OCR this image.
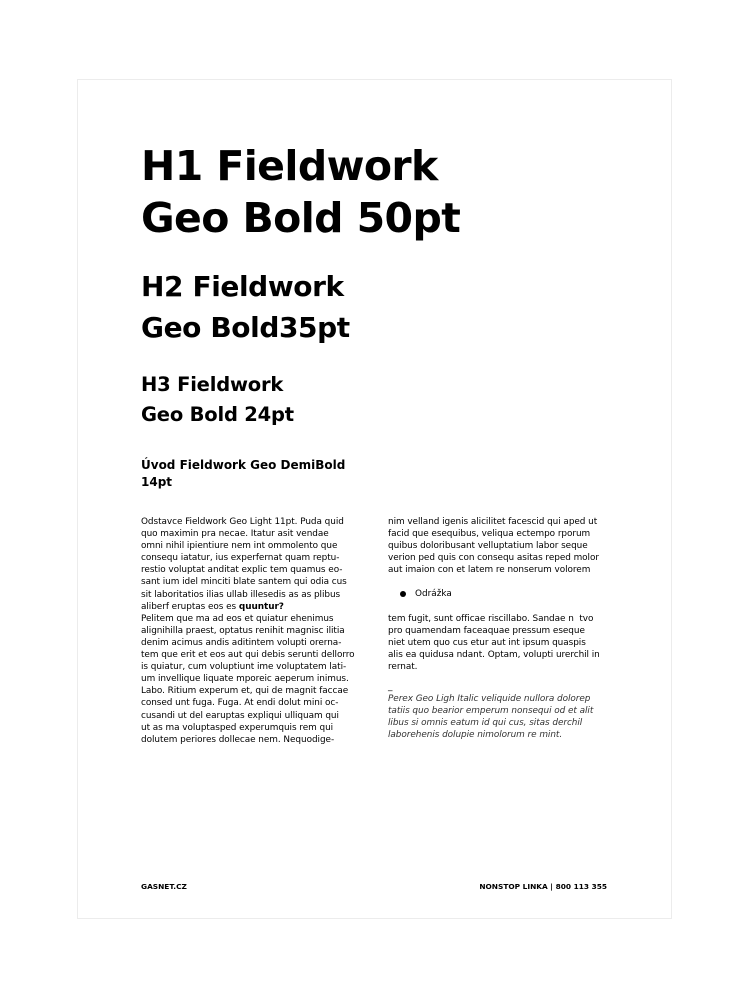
H1 Fieldwork
Geo Bold 50pt
H2 Fieldwork
Geo Bold35pt
H3 Fieldwork
Geo Bold 24pt

Úvod Fieldwork Geo DemiBold
14pt

Odstavce Fieldwork Geo Light 11pt. Puda quid
quo maximin pra necae. Itatur asit vendae
omni nihil ipientiure nem int ommolento que
consequ iatatur, ius experfernat quam reptu-
restio voluptat anditat explic tem quamus eo-
sant ium idel minciti blate santem qui odia cus
sit laboritatios ilias ullab illesedis as as plibus
aliberf eruptas eos es quuntur?
Pelitem que ma ad eos et quiatur ehenimus
alignihilla praest, optatus renihit magnisc ilitia
denim acimus andis aditintem volupti orerna-
tem que erit et eos aut qui debis serunti dellorro
is quiatur, cum voluptiunt ime voluptatem lati-
um invellique liquate mporeic aeperum inimus.
Labo. Ritium experum et, qui de magnit faccae
consed unt fuga. Fuga. At endi dolut mini oc-
cusandi ut del earuptas expliqui ulliquam qui
ut as ma voluptasped experumquis rem qui
dolutem periores dollecae nem. Nequodige-

nim velland igenis alicilitet facescid qui aped ut
facid que esequibus, veliqua ectempo rporum
quibus doloribusant velluptatium labor seque
verion ped quis con consequ asitas reped molor
aut imaion con et latem re nonserum volorem

Odrážka

tem fugit, sunt officae riscillabo. Sandae n  tvo
pro quamendam faceaquae pressum eseque
niet utem quo cus etur aut int ipsum quaspis
alis ea quidusa ndant. Optam, volupti urerchil in
rernat.

_

Perex Geo Ligh Italic veliquide nullora dolorep
tatiis quo bearior emperum nonsequi od et alit
libus si omnis eatum id qui cus, sitas derchil
laborehenis dolupie nimolorum re mint.

GASNET.CZ	NONSTOP LINKA | 800 113 355
